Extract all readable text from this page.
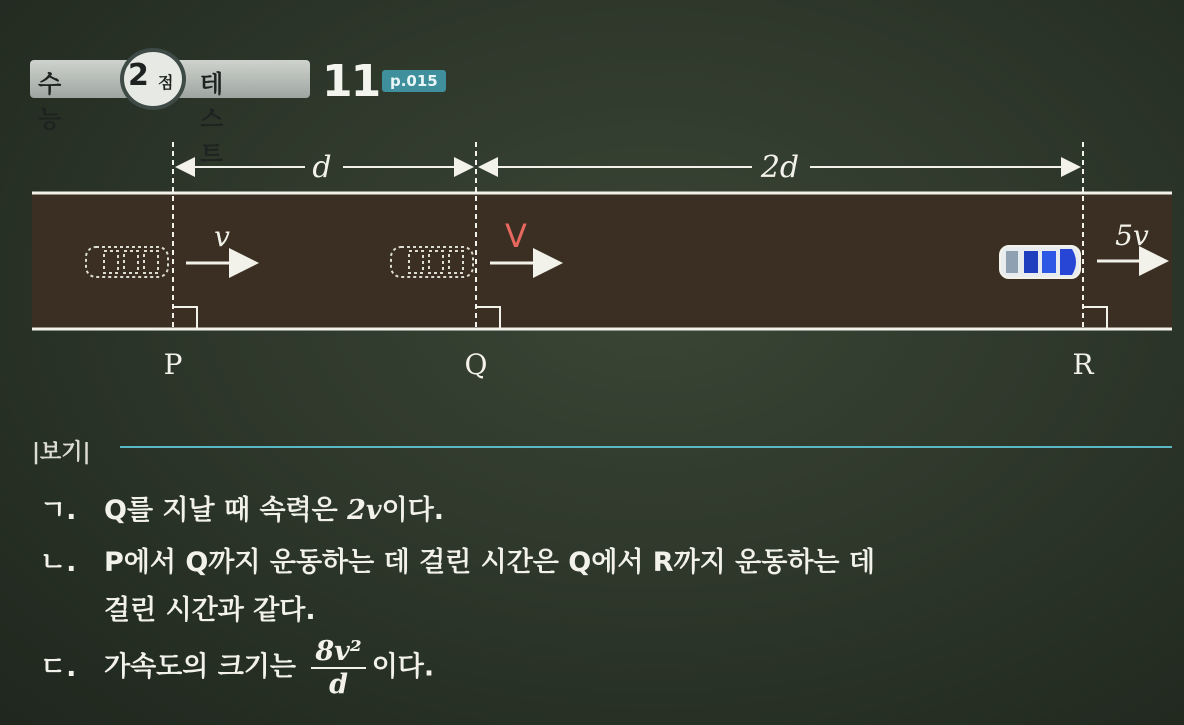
수능
2 점 테스트
11 p.015
d	2d
v	V	5v
P	Q	R
|보기|
ㄱ. Q를 지날 때 속력은 2v이다.
ㄴ. P에서 Q까지 운동하는 데 걸린 시간은 Q에서 R까지 운동하는 데
걸린 시간과 같다.
ㄷ. 가속도의 크기는 $\frac{\text{8v²}}{d}$ 이다.
